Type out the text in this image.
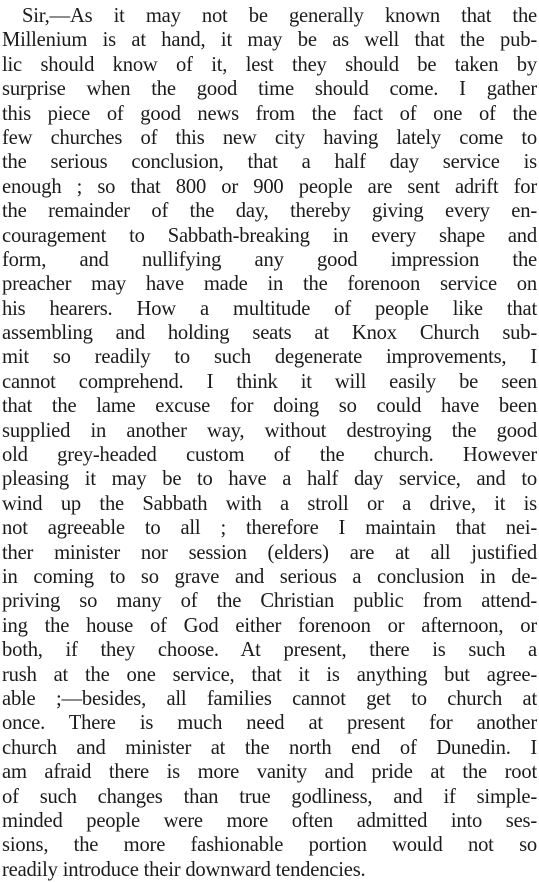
Sir,—As it may not be generally known that the
Millenium is at hand, it may be as well that the pub-
lic should know of it, lest they should be taken by
surprise when the good time should come. I gather
this piece of good news from the fact of one of the
few churches of this new city having lately come to
the serious conclusion, that a half day service is
enough ; so that 800 or 900 people are sent adrift for
the remainder of the day, thereby giving every en-
couragement to Sabbath-breaking in every shape and
form, and nullifying any good impression the
preacher may have made in the forenoon service on
his hearers. How a multitude of people like that
assembling and holding seats at Knox Church sub-
mit so readily to such degenerate improvements, I
cannot comprehend. I think it will easily be seen
that the lame excuse for doing so could have been
supplied in another way, without destroying the good
old grey-headed custom of the church. However
pleasing it may be to have a half day service, and to
wind up the Sabbath with a stroll or a drive, it is
not agreeable to all ; therefore I maintain that nei-
ther minister nor session (elders) are at all justified
in coming to so grave and serious a conclusion in de-
priving so many of the Christian public from attend-
ing the house of God either forenoon or afternoon, or
both, if they choose. At present, there is such a
rush at the one service, that it is anything but agree-
able ;—besides, all families cannot get to church at
once. There is much need at present for another
church and minister at the north end of Dunedin. I
am afraid there is more vanity and pride at the root
of such changes than true godliness, and if simple-
minded people were more often admitted into ses-
sions, the more fashionable portion would not so
readily introduce their downward tendencies.
